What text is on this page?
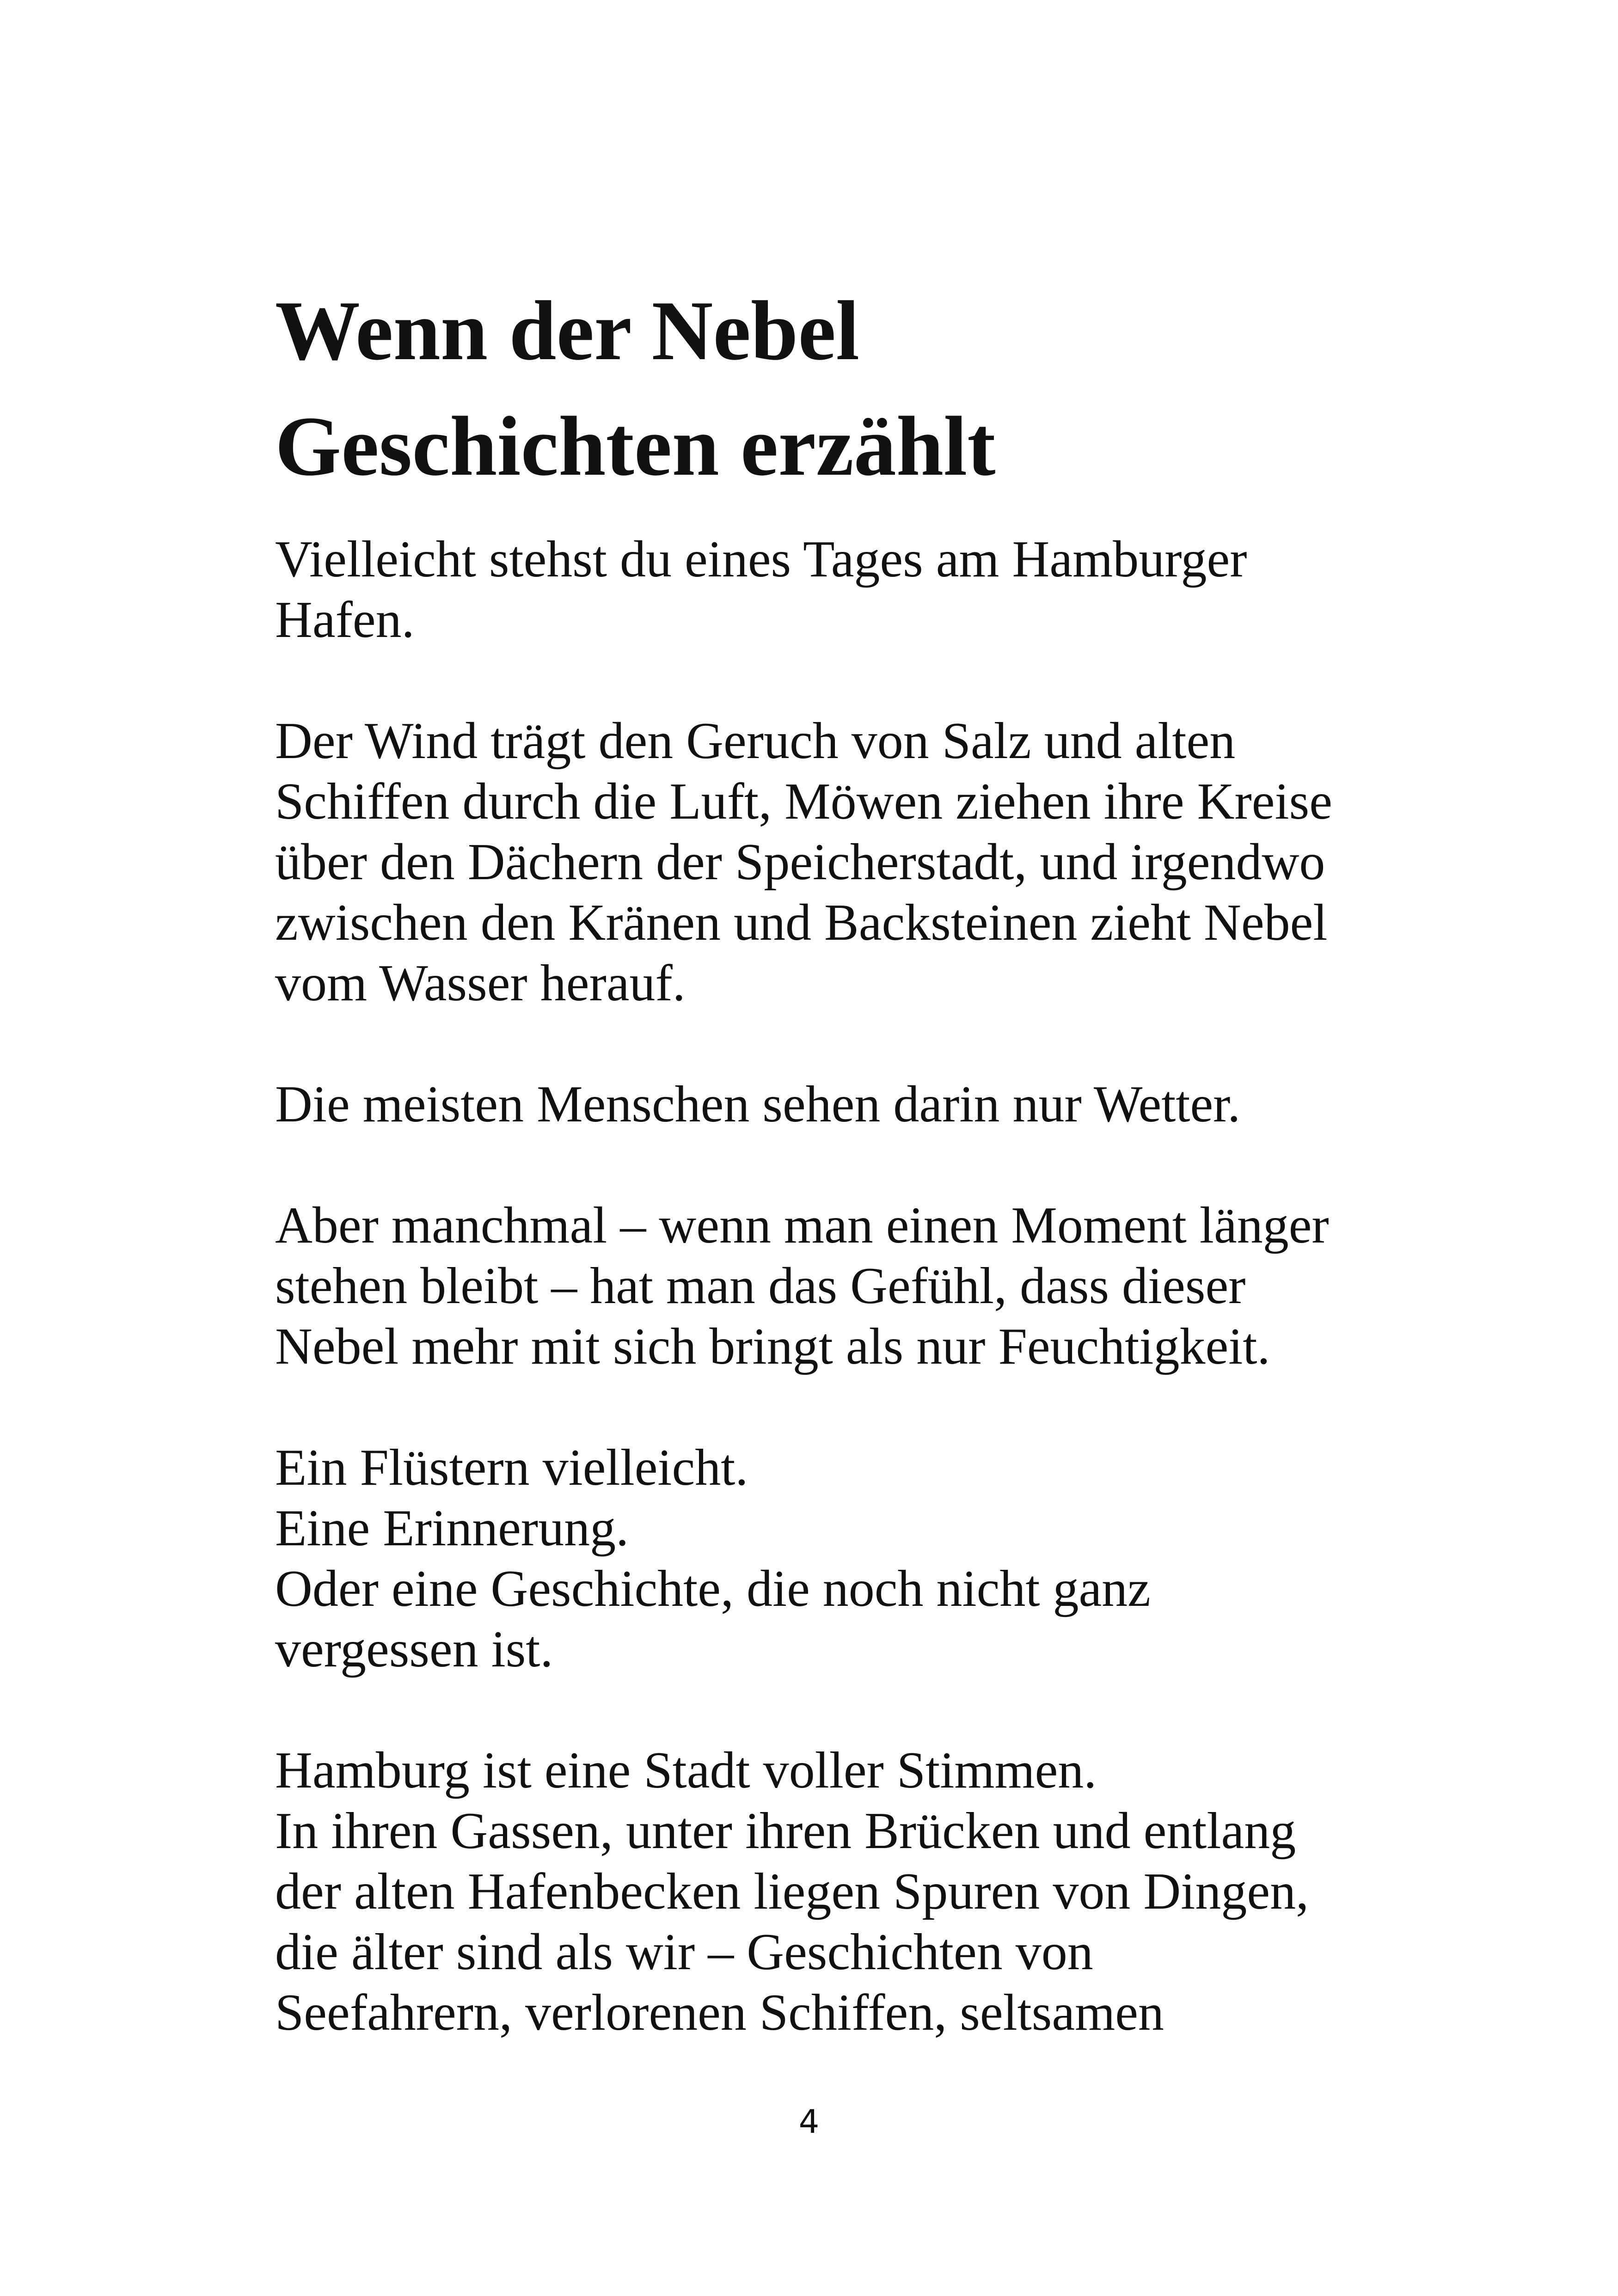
Wenn der Nebel
Geschichten erzählt

Vielleicht stehst du eines Tages am Hamburger
Hafen.

Der Wind trägt den Geruch von Salz und alten
Schiffen durch die Luft, Möwen ziehen ihre Kreise
über den Dächern der Speicherstadt, und irgendwo
zwischen den Kränen und Backsteinen zieht Nebel
vom Wasser herauf.

Die meisten Menschen sehen darin nur Wetter.

Aber manchmal – wenn man einen Moment länger
stehen bleibt – hat man das Gefühl, dass dieser
Nebel mehr mit sich bringt als nur Feuchtigkeit.

Ein Flüstern vielleicht.
Eine Erinnerung.
Oder eine Geschichte, die noch nicht ganz
vergessen ist.

Hamburg ist eine Stadt voller Stimmen.
In ihren Gassen, unter ihren Brücken und entlang
der alten Hafenbecken liegen Spuren von Dingen,
die älter sind als wir – Geschichten von
Seefahrern, verlorenen Schiffen, seltsamen

4
